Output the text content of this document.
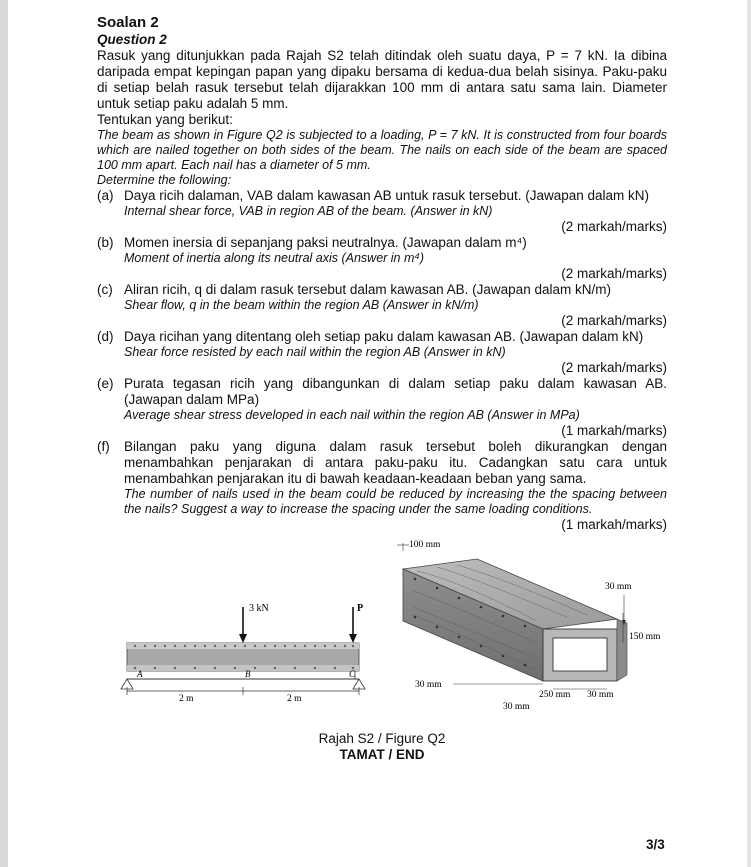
Soalan 2
Question 2

Rasuk yang ditunjukkan pada Rajah S2 telah ditindak oleh suatu daya, P = 7 kN. Ia dibina daripada empat kepingan papan yang dipaku bersama di kedua-dua belah sisinya. Paku-paku di setiap belah rasuk tersebut telah dijarakkan 100 mm di antara satu sama lain. Diameter untuk setiap paku adalah 5 mm.

Tentukan yang berikut:

The beam as shown in Figure Q2 is subjected to a loading, P = 7 kN. It is constructed from four boards which are nailed together on both sides of the beam. The nails on each side of the beam are spaced 100 mm apart. Each nail has a diameter of 5 mm.

Determine the following:

(a) Daya ricih dalaman, VAB dalam kawasan AB untuk rasuk tersebut. (Jawapan dalam kN)

Internal shear force, VAB in region AB of the beam. (Answer in kN)

(2 markah/marks)
(b) Momen inersia di sepanjang paksi neutralnya. (Jawapan dalam m⁴)

Moment of inertia along its neutral axis (Answer in m⁴)

(2 markah/marks)
(c) Aliran ricih, q di dalam rasuk tersebut dalam kawasan AB. (Jawapan dalam kN/m)

Shear flow, q in the beam within the region AB (Answer in kN/m)

(2 markah/marks)
(d) Daya ricihan yang ditentang oleh setiap paku dalam kawasan AB. (Jawapan dalam kN)

Shear force resisted by each nail within the region AB (Answer in kN)

(2 markah/marks)
(e) Purata tegasan ricih yang dibangunkan di dalam setiap paku dalam kawasan AB. (Jawapan dalam MPa)

Average shear stress developed in each nail within the region AB (Answer in MPa)

(1 markah/marks)
(f) Bilangan paku yang diguna dalam rasuk tersebut boleh dikurangkan dengan menambahkan penjarakan di antara paku-paku itu. Cadangkan satu cara untuk menambahkan penjarakan itu di bawah keadaan-keadaan beban yang sama.

The number of nails used in the beam could be reduced by increasing the the spacing between the nails? Suggest a way to increase the spacing under the same loading conditions.

(1 markah/marks)
3 kN	P
A	B	C
2 m	2 m
100 mm
30 mm
150 mm
30 mm
250 mm 30 mm
30 mm
Rajah S2 / Figure Q2
TAMAT / END
3/3
